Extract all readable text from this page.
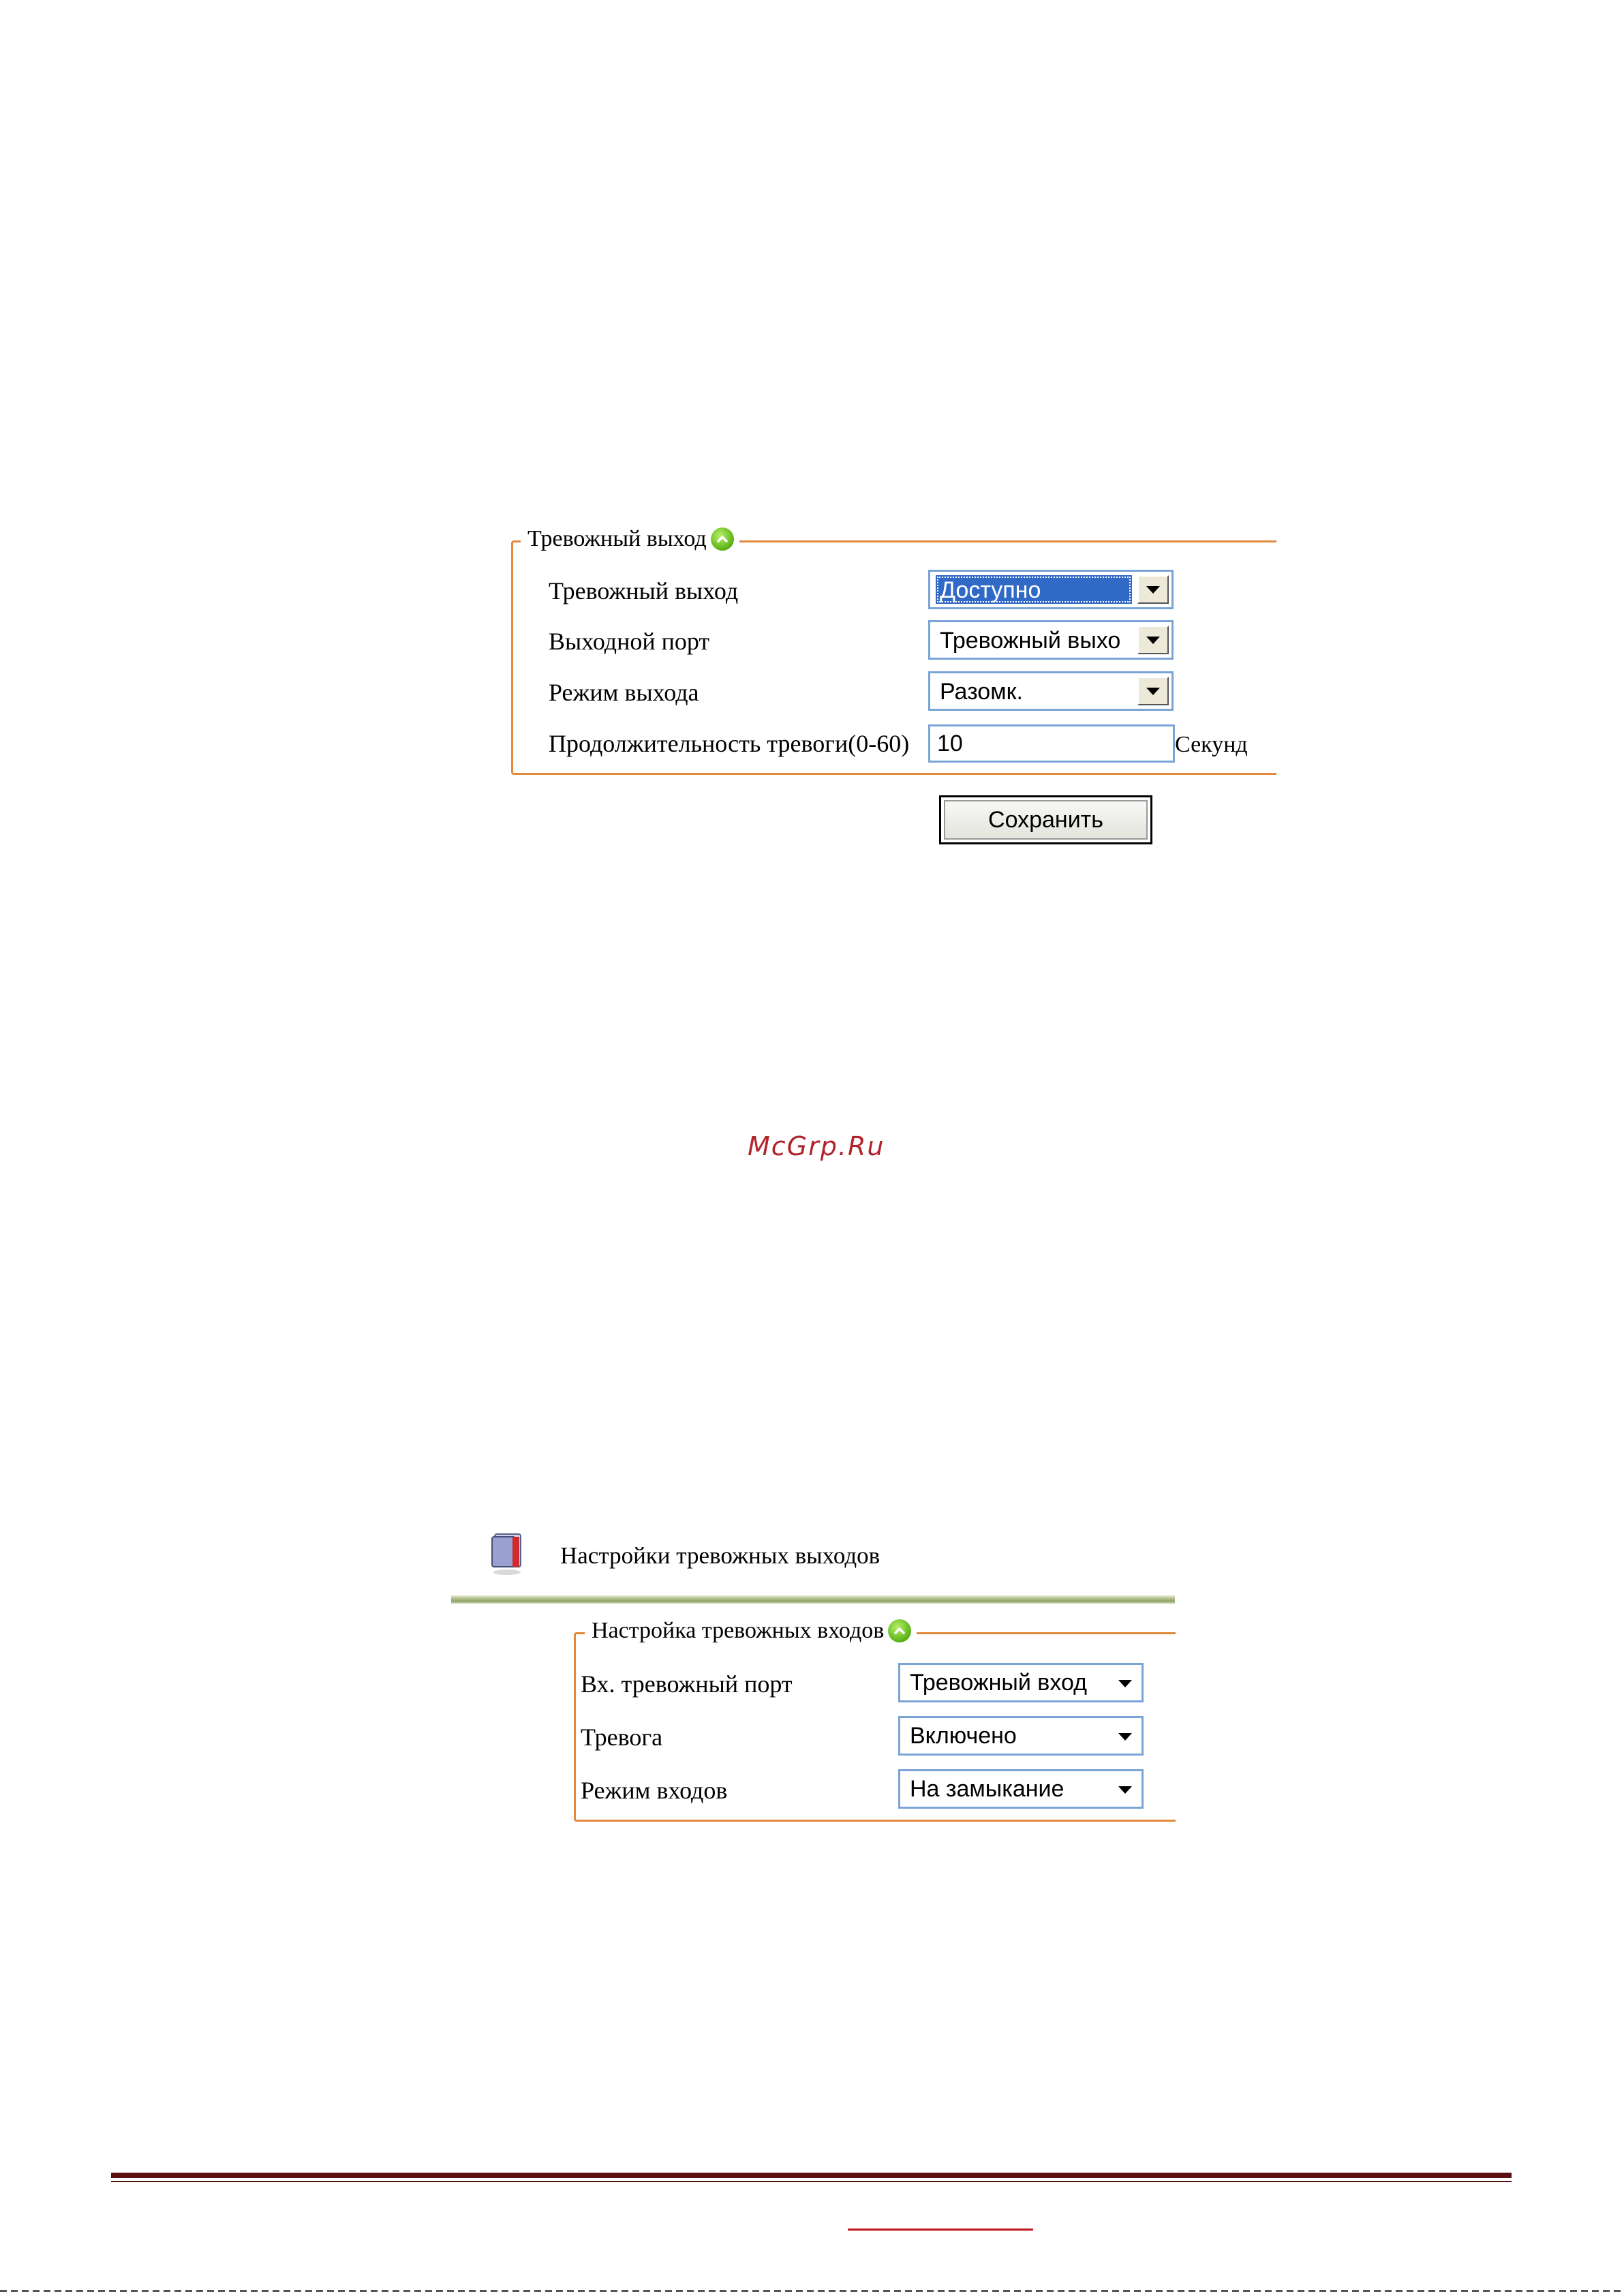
Тревожный выход
Тревожный выход	Доступно
Выходной порт	Тревожный выхо
Режим выхода	Разомк.
Продолжительность тревоги(0-60)	10	Секунд
Сохранить
McGrp.Ru
Настройки тревожных выходов
Настройка тревожных входов
Вх. тревожный порт	Тревожный вход
Тревога	Включено
Режим входов	На замыкание
